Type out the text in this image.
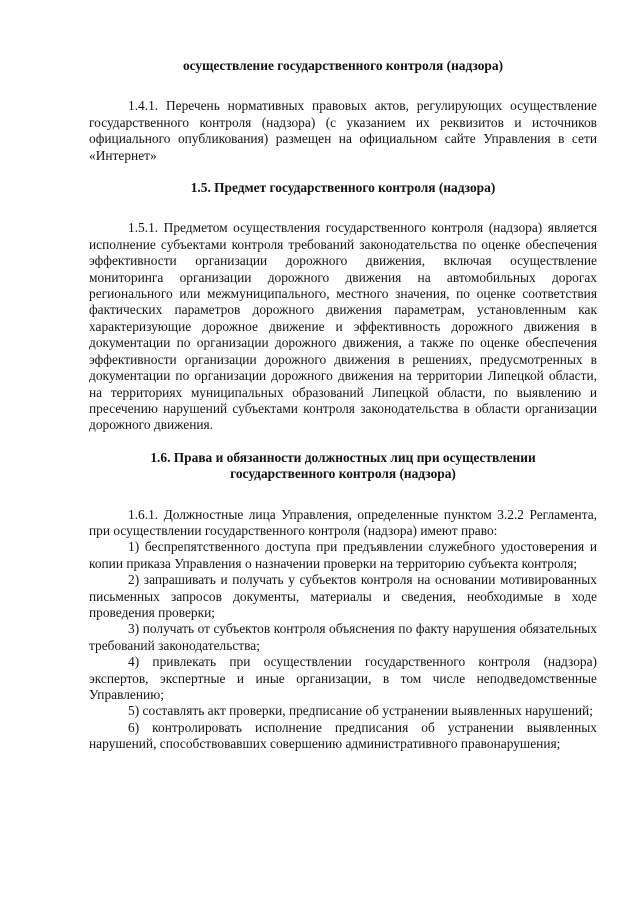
осуществление государственного контроля (надзора)

1.4.1. Перечень нормативных правовых актов, регулирующих осуществление государственного контроля (надзора) (с указанием их реквизитов и источников официального опубликования) размещен на официальном сайте Управления в сети «Интернет»

1.5. Предмет государственного контроля (надзора)

1.5.1. Предметом осуществления государственного контроля (надзора) является исполнение субъектами контроля требований законодательства по оценке обеспечения эффективности организации дорожного движения, включая осуществление мониторинга организации дорожного движения на автомобильных дорогах регионального или межмуниципального, местного значения, по оценке соответствия фактических параметров дорожного движения параметрам, установленным как характеризующие дорожное движение и эффективность дорожного движения в документации по организации дорожного движения, а также по оценке обеспечения эффективности организации дорожного движения в решениях, предусмотренных в документации по организации дорожного движения на территории Липецкой области, на территориях муниципальных образований Липецкой области, по выявлению и пресечению нарушений субъектами контроля законодательства в области организации дорожного движения.

1.6. Права и обязанности должностных лиц при осуществлении
государственного контроля (надзора)

1.6.1. Должностные лица Управления, определенные пунктом 3.2.2 Регламента, при осуществлении государственного контроля (надзора) имеют право:

1) беспрепятственного доступа при предъявлении служебного удостоверения и копии приказа Управления о назначении проверки на территорию субъекта контроля;

2) запрашивать и получать у субъектов контроля на основании мотивированных письменных запросов документы, материалы и сведения, необходимые в ходе проведения проверки;

3) получать от субъектов контроля объяснения по факту нарушения обязательных требований законодательства;

4) привлекать при осуществлении государственного контроля (надзора) экспертов, экспертные и иные организации, в том числе неподведомственные Управлению;

5) составлять акт проверки, предписание об устранении выявленных нарушений;

6) контролировать исполнение предписания об устранении выявленных нарушений, способствовавших совершению административного правонарушения;
